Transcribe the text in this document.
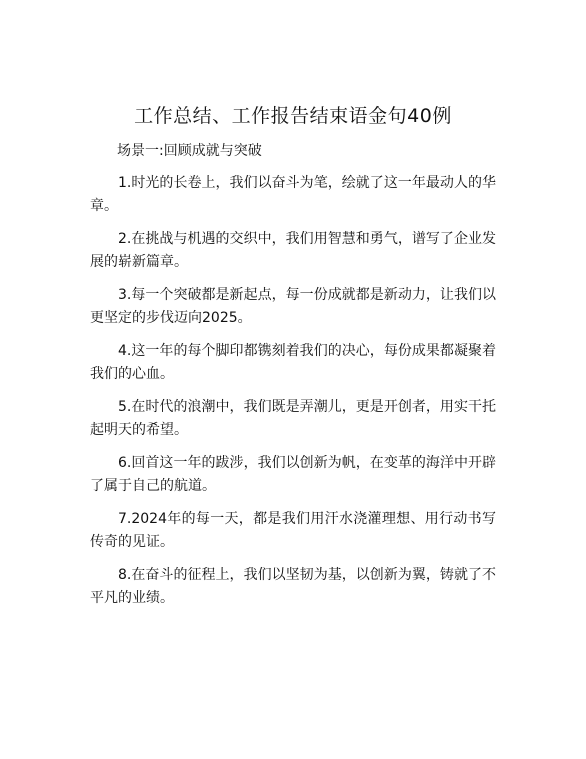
工作总结、工作报告结束语金句40例
场景一:回顾成就与突破

1.时光的长卷上，我们以奋斗为笔，绘就了这一年最动人的华章。

2.在挑战与机遇的交织中，我们用智慧和勇气，谱写了企业发展的崭新篇章。

3.每一个突破都是新起点，每一份成就都是新动力，让我们以更坚定的步伐迈向2025。

4.这一年的每个脚印都镌刻着我们的决心，每份成果都凝聚着我们的心血。

5.在时代的浪潮中，我们既是弄潮儿，更是开创者，用实干托起明天的希望。

6.回首这一年的跋涉，我们以创新为帆，在变革的海洋中开辟了属于自己的航道。

7.2024年的每一天，都是我们用汗水浇灌理想、用行动书写传奇的见证。

8.在奋斗的征程上，我们以坚韧为基，以创新为翼，铸就了不平凡的业绩。
